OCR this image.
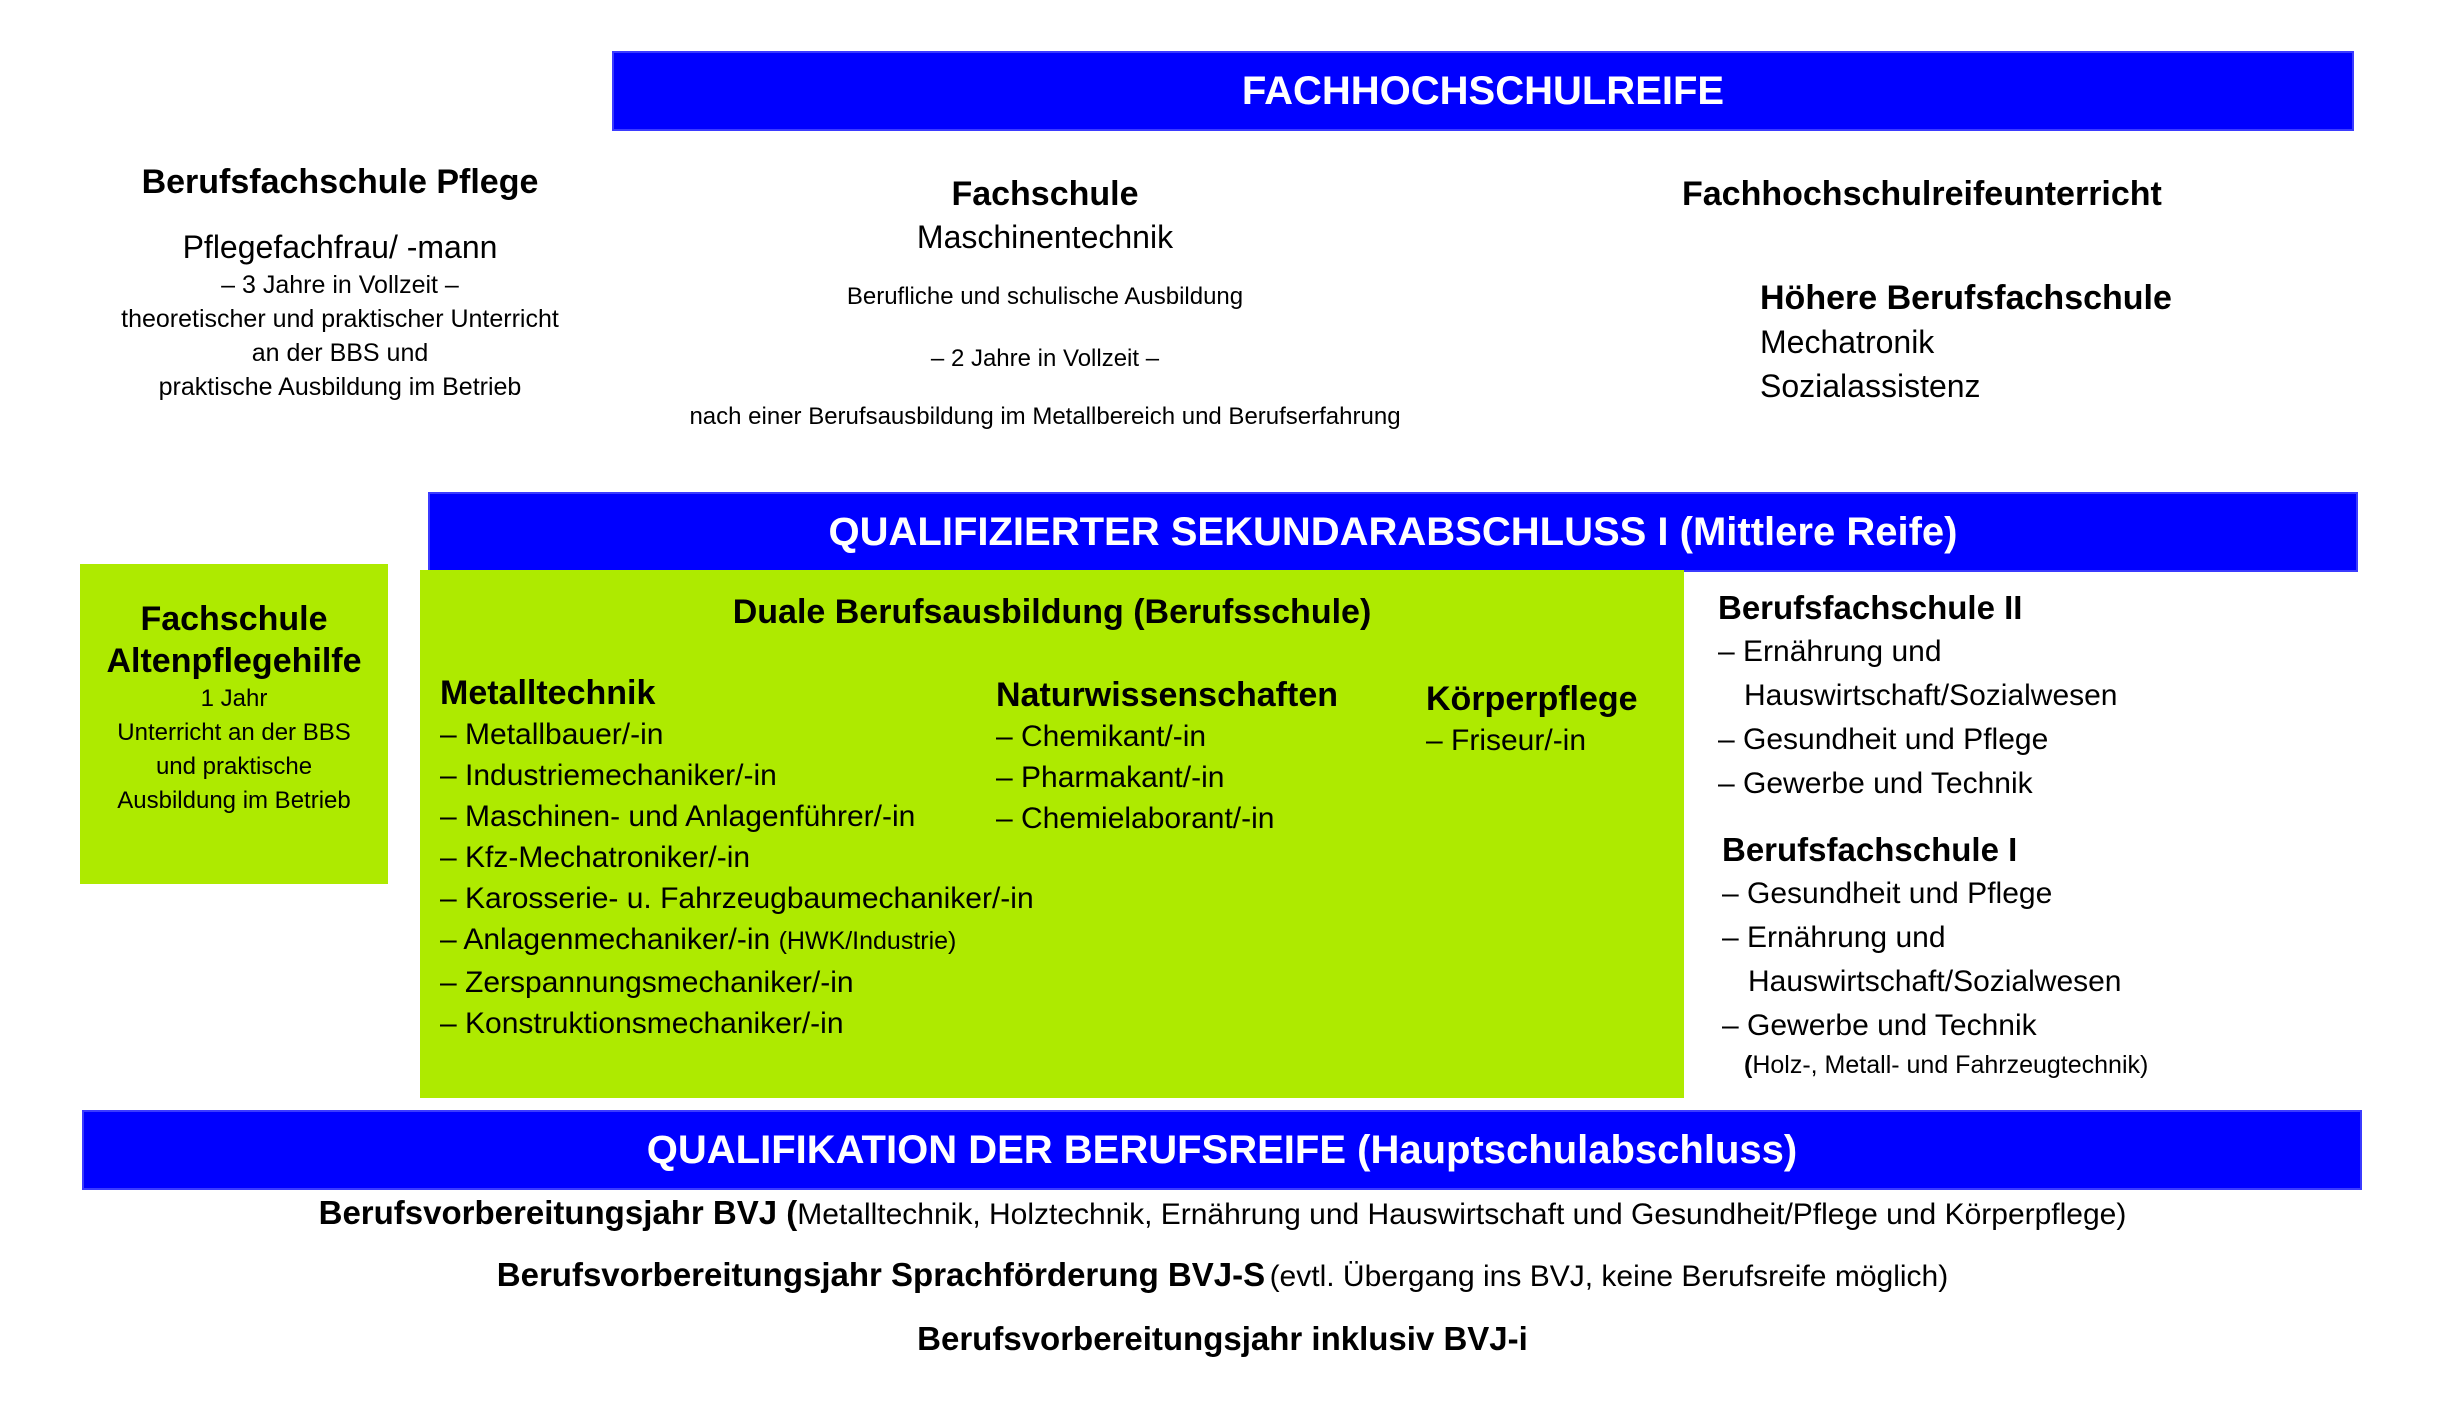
FACHHOCHSCHULREIFE
Berufsfachschule Pflege
Pflegefachfrau/ -mann
– 3 Jahre in Vollzeit –
theoretischer und praktischer Unterricht
an der BBS und
praktische Ausbildung im Betrieb
Fachschule
Maschinentechnik
Berufliche und schulische Ausbildung
– 2 Jahre in Vollzeit –
nach einer Berufsausbildung im Metallbereich und Berufserfahrung
Fachhochschulreifeunterricht
Höhere Berufsfachschule
Mechatronik
Sozialassistenz
QUALIFIZIERTER SEKUNDARABSCHLUSS I (Mittlere Reife)
Fachschule
Altenpflegehilfe
1 Jahr
Unterricht an der BBS
und praktische
Ausbildung im Betrieb
Duale Berufsausbildung (Berufsschule)
Metalltechnik
– Metallbauer/-in
– Industriemechaniker/-in
– Maschinen- und Anlagenführer/-in
– Kfz-Mechatroniker/-in
– Karosserie- u. Fahrzeugbaumechaniker/-in
– Anlagenmechaniker/-in (HWK/Industrie)
– Zerspannungsmechaniker/-in
– Konstruktionsmechaniker/-in
Naturwissenschaften
– Chemikant/-in
– Pharmakant/-in
– Chemielaborant/-in
Körperpflege
– Friseur/-in
Berufsfachschule II
– Ernährung und
Hauswirtschaft/Sozialwesen
– Gesundheit und Pflege
– Gewerbe und Technik
Berufsfachschule I
– Gesundheit und Pflege
– Ernährung und
Hauswirtschaft/Sozialwesen
– Gewerbe und Technik
(Holz-, Metall- und Fahrzeugtechnik)
QUALIFIKATION DER BERUFSREIFE (Hauptschulabschluss)
Berufsvorbereitungsjahr BVJ (Metalltechnik, Holztechnik, Ernährung und Hauswirtschaft und Gesundheit/Pflege und Körperpflege)
Berufsvorbereitungsjahr Sprachförderung BVJ-S (evtl. Übergang ins BVJ, keine Berufsreife möglich)
Berufsvorbereitungsjahr inklusiv BVJ-i
